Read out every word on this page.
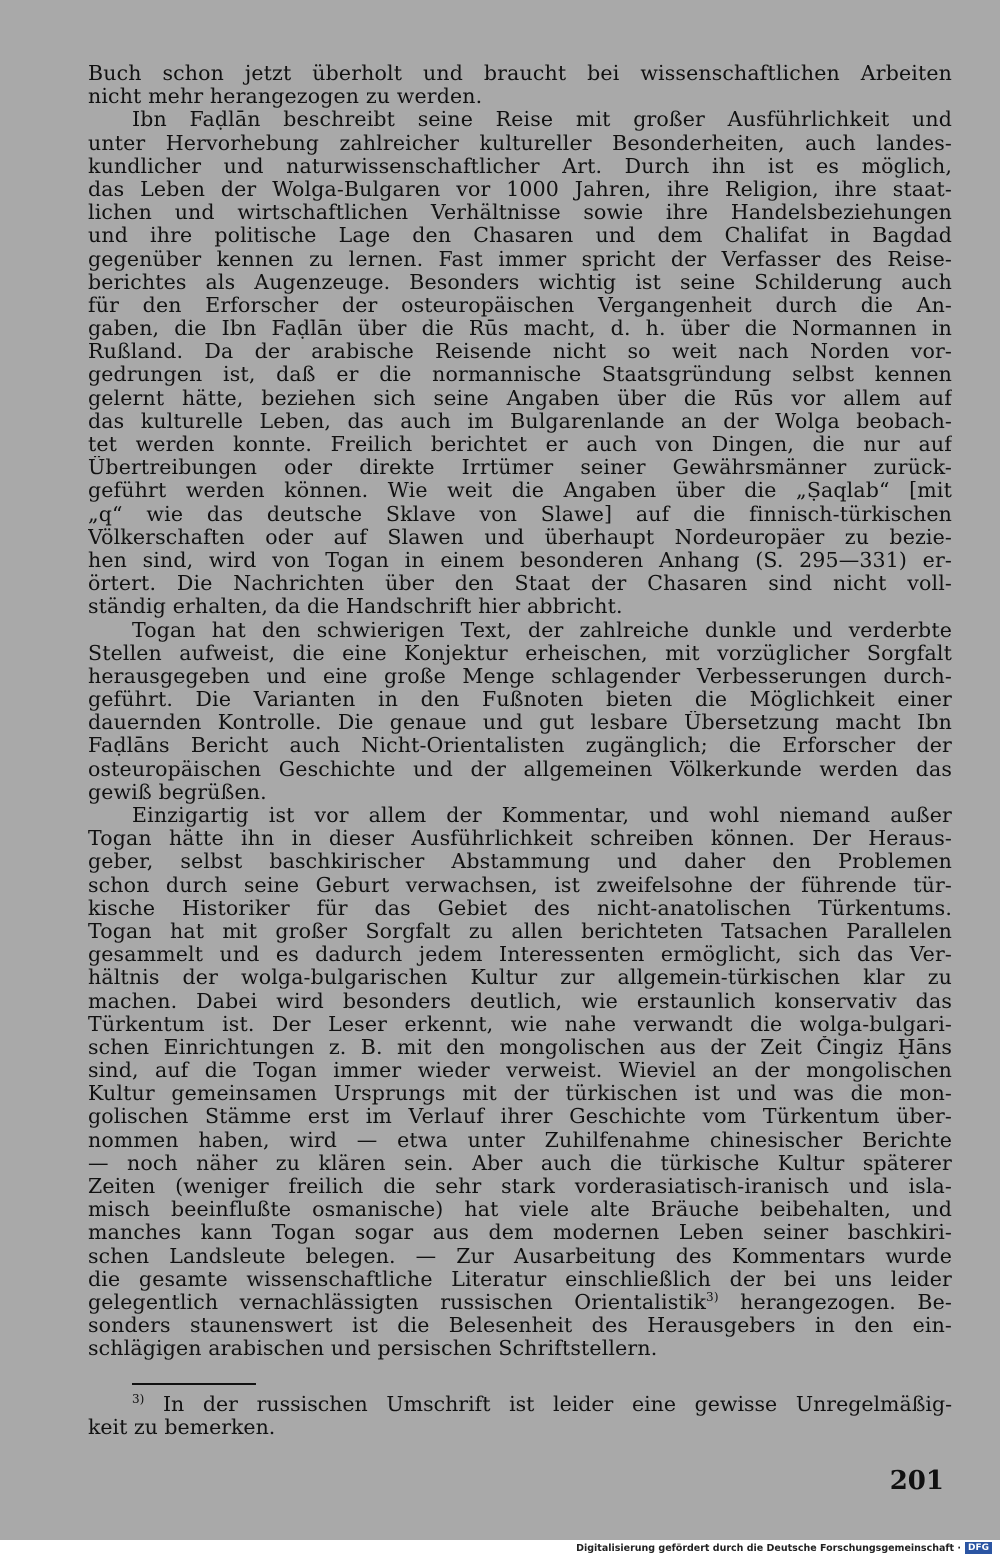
Buch schon jetzt überholt und braucht bei wissenschaftlichen Arbeiten
nicht mehr herangezogen zu werden.
Ibn Faḍlān beschreibt seine Reise mit großer Ausführlichkeit und
unter Hervorhebung zahlreicher kultureller Besonderheiten, auch landes-
kundlicher und naturwissenschaftlicher Art. Durch ihn ist es möglich,
das Leben der Wolga-Bulgaren vor 1000 Jahren, ihre Religion, ihre staat-
lichen und wirtschaftlichen Verhältnisse sowie ihre Handelsbeziehungen
und ihre politische Lage den Chasaren und dem Chalifat in Bagdad
gegenüber kennen zu lernen. Fast immer spricht der Verfasser des Reise-
berichtes als Augenzeuge. Besonders wichtig ist seine Schilderung auch
für den Erforscher der osteuropäischen Vergangenheit durch die An-
gaben, die Ibn Faḍlān über die Rūs macht, d. h. über die Normannen in
Rußland. Da der arabische Reisende nicht so weit nach Norden vor-
gedrungen ist, daß er die normannische Staatsgründung selbst kennen
gelernt hätte, beziehen sich seine Angaben über die Rūs vor allem auf
das kulturelle Leben, das auch im Bulgarenlande an der Wolga beobach-
tet werden konnte. Freilich berichtet er auch von Dingen, die nur auf
Übertreibungen oder direkte Irrtümer seiner Gewährsmänner zurück-
geführt werden können. Wie weit die Angaben über die „Ṣaqlab“ [mit
„q“ wie das deutsche Sklave von Slawe] auf die finnisch-türkischen
Völkerschaften oder auf Slawen und überhaupt Nordeuropäer zu bezie-
hen sind, wird von Togan in einem besonderen Anhang (S. 295—331) er-
örtert. Die Nachrichten über den Staat der Chasaren sind nicht voll-
ständig erhalten, da die Handschrift hier abbricht.
Togan hat den schwierigen Text, der zahlreiche dunkle und verderbte
Stellen aufweist, die eine Konjektur erheischen, mit vorzüglicher Sorgfalt
herausgegeben und eine große Menge schlagender Verbesserungen durch-
geführt. Die Varianten in den Fußnoten bieten die Möglichkeit einer
dauernden Kontrolle. Die genaue und gut lesbare Übersetzung macht Ibn
Faḍlāns Bericht auch Nicht-Orientalisten zugänglich; die Erforscher der
osteuropäischen Geschichte und der allgemeinen Völkerkunde werden das
gewiß begrüßen.
Einzigartig ist vor allem der Kommentar, und wohl niemand außer
Togan hätte ihn in dieser Ausführlichkeit schreiben können. Der Heraus-
geber, selbst baschkirischer Abstammung und daher den Problemen
schon durch seine Geburt verwachsen, ist zweifelsohne der führende tür-
kische Historiker für das Gebiet des nicht-anatolischen Türkentums.
Togan hat mit großer Sorgfalt zu allen berichteten Tatsachen Parallelen
gesammelt und es dadurch jedem Interessenten ermöglicht, sich das Ver-
hältnis der wolga-bulgarischen Kultur zur allgemein-türkischen klar zu
machen. Dabei wird besonders deutlich, wie erstaunlich konservativ das
Türkentum ist. Der Leser erkennt, wie nahe verwandt die wolga-bulgari-
schen Einrichtungen z. B. mit den mongolischen aus der Zeit Čingiz Ḫāns
sind, auf die Togan immer wieder verweist. Wieviel an der mongolischen
Kultur gemeinsamen Ursprungs mit der türkischen ist und was die mon-
golischen Stämme erst im Verlauf ihrer Geschichte vom Türkentum über-
nommen haben, wird — etwa unter Zuhilfenahme chinesischer Berichte
— noch näher zu klären sein. Aber auch die türkische Kultur späterer
Zeiten (weniger freilich die sehr stark vorderasiatisch-iranisch und isla-
misch beeinflußte osmanische) hat viele alte Bräuche beibehalten, und
manches kann Togan sogar aus dem modernen Leben seiner baschkiri-
schen Landsleute belegen. — Zur Ausarbeitung des Kommentars wurde
die gesamte wissenschaftliche Literatur einschließlich der bei uns leider
gelegentlich vernachlässigten russischen Orientalistik$^{3)}$ herangezogen. Be-
sonders staunenswert ist die Belesenheit des Herausgebers in den ein-
schlägigen arabischen und persischen Schriftstellern.
$^{3)}$ In der russischen Umschrift ist leider eine gewisse Unregelmäßig-
keit zu bemerken.
201
Digitalisierung gefördert durch die Deutsche Forschungsgemeinschaft · DFG
